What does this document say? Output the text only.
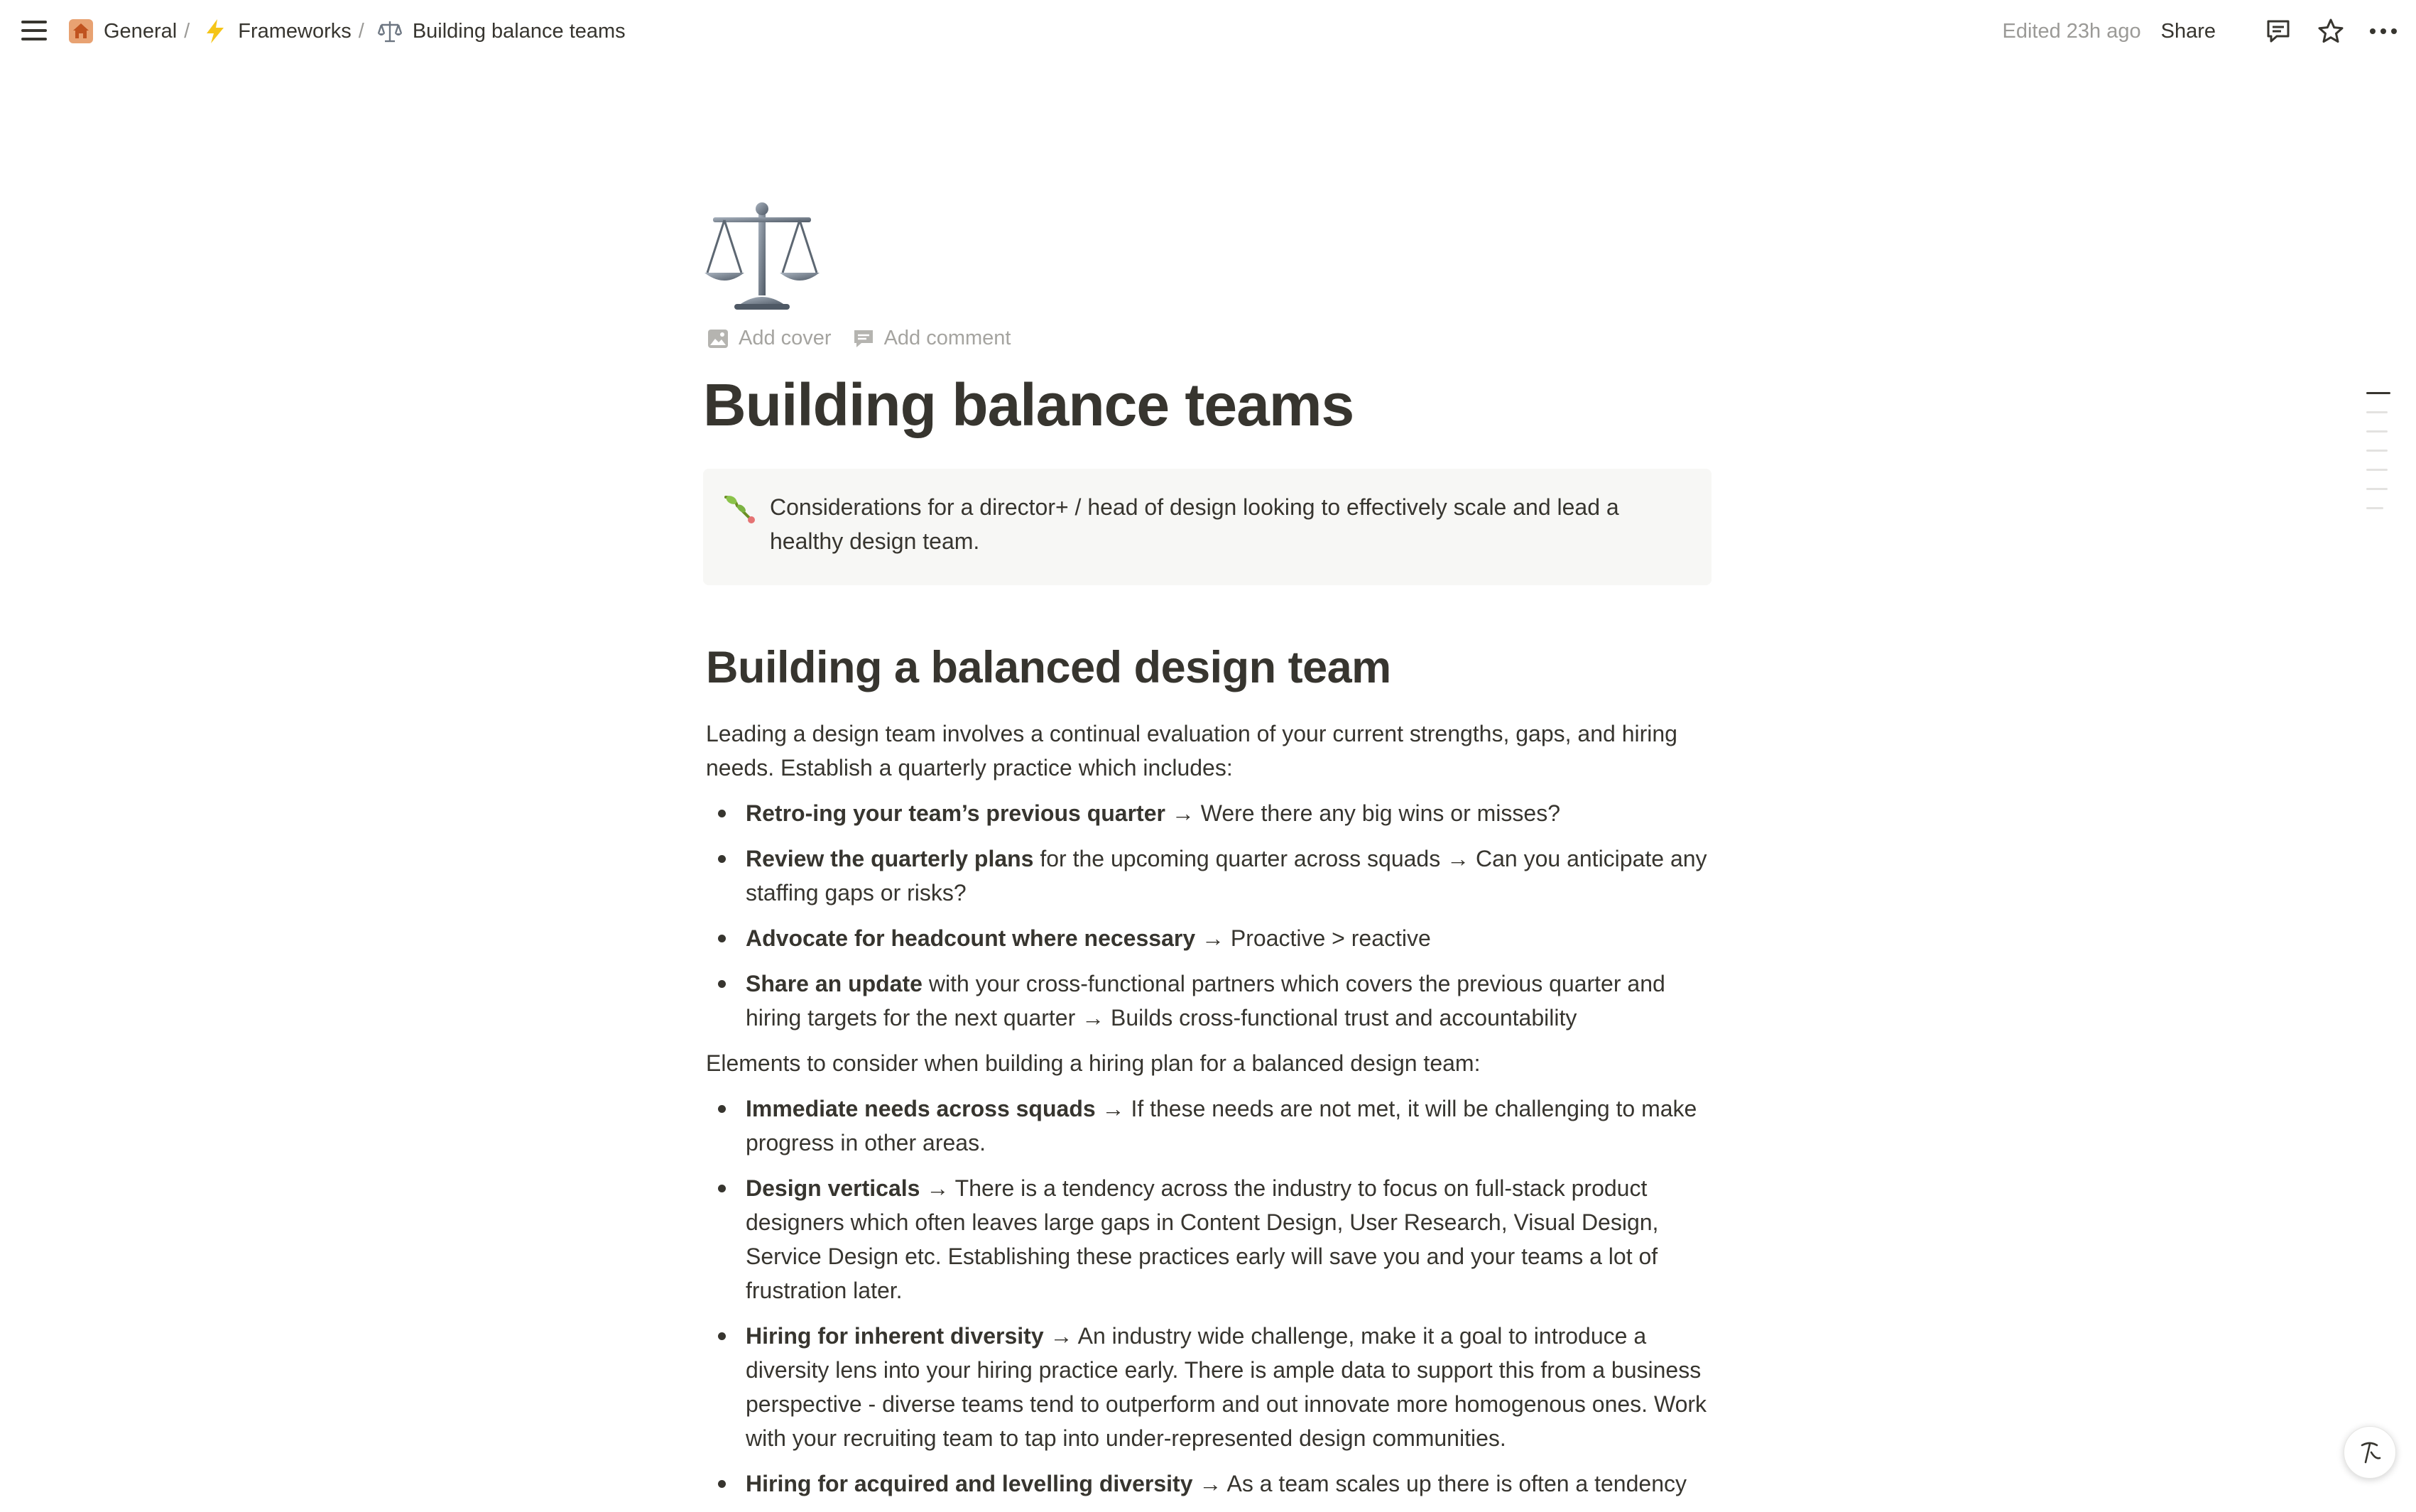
General / Frameworks / Building balance teams	Edited 23h ago Share
Add cover	Add comment
Building balance teams
Considerations for a director+ / head of design looking to effectively scale and lead a healthy design team.
Building a balanced design team

Leading a design team involves a continual evaluation of your current strengths, gaps, and hiring needs. Establish a quarterly practice which includes:

Retro-ing your team’s previous quarter → Were there any big wins or misses?
Review the quarterly plans for the upcoming quarter across squads → Can you anticipate any staffing gaps or risks?
Advocate for headcount where necessary → Proactive > reactive
Share an update with your cross-functional partners which covers the previous quarter and hiring targets for the next quarter → Builds cross-functional trust and accountability

Elements to consider when building a hiring plan for a balanced design team:

Immediate needs across squads → If these needs are not met, it will be challenging to make progress in other areas.
Design verticals → There is a tendency across the industry to focus on full-stack product designers which often leaves large gaps in Content Design, User Research, Visual Design, Service Design etc. Establishing these practices early will save you and your teams a lot of frustration later.
Hiring for inherent diversity → An industry wide challenge, make it a goal to introduce a diversity lens into your hiring practice early. There is ample data to support this from a business perspective - diverse teams tend to outperform and out innovate more homogenous ones. Work with your recruiting team to tap into under-represented design communities.
Hiring for acquired and levelling diversity → As a team scales up there is often a tendency
